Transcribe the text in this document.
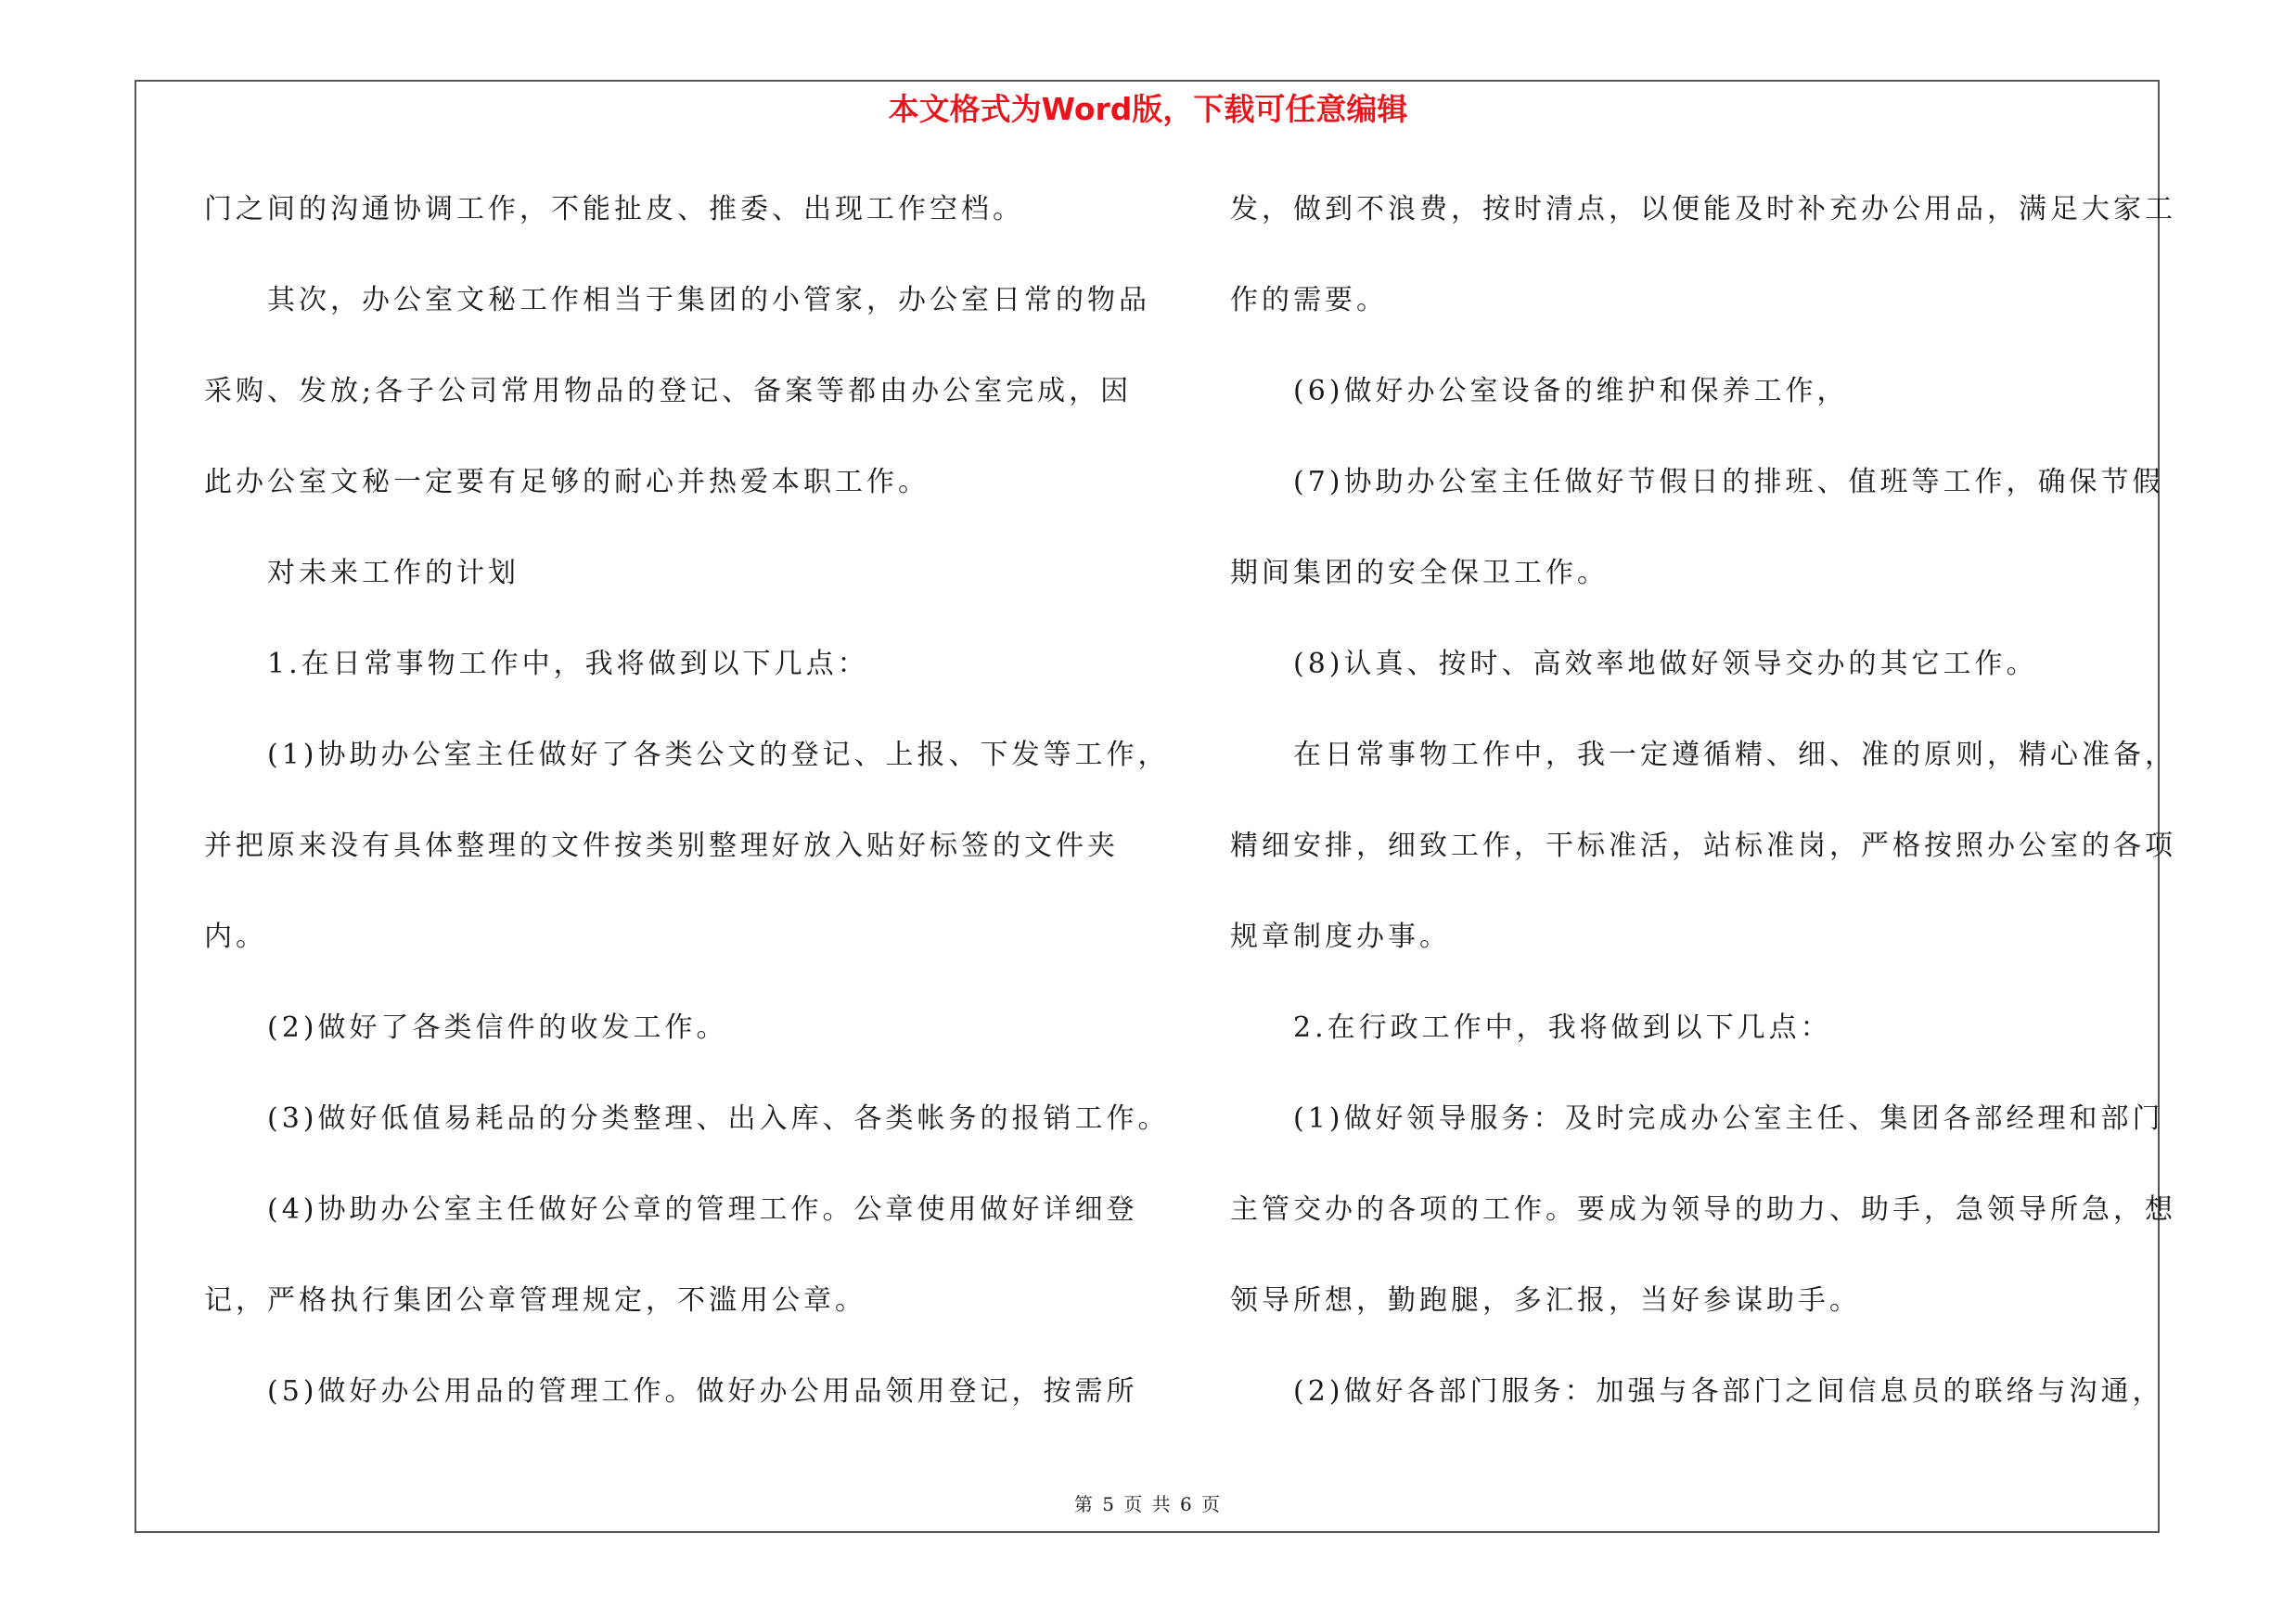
本文格式为Word版，下载可任意编辑
门之间的沟通协调工作，不能扯皮、推委、出现工作空档。
其次，办公室文秘工作相当于集团的小管家，办公室日常的物品
采购、发放;各子公司常用物品的登记、备案等都由办公室完成，因
此办公室文秘一定要有足够的耐心并热爱本职工作。
对未来工作的计划
1.在日常事物工作中，我将做到以下几点：
(1)协助办公室主任做好了各类公文的登记、上报、下发等工作，
并把原来没有具体整理的文件按类别整理好放入贴好标签的文件夹
内。
(2)做好了各类信件的收发工作。
(3)做好低值易耗品的分类整理、出入库、各类帐务的报销工作。
(4)协助办公室主任做好公章的管理工作。公章使用做好详细登
记，严格执行集团公章管理规定，不滥用公章。
(5)做好办公用品的管理工作。做好办公用品领用登记，按需所
发，做到不浪费，按时清点，以便能及时补充办公用品，满足大家工
作的需要。
(6)做好办公室设备的维护和保养工作，
(7)协助办公室主任做好节假日的排班、值班等工作，确保节假
期间集团的安全保卫工作。
(8)认真、按时、高效率地做好领导交办的其它工作。
在日常事物工作中，我一定遵循精、细、准的原则，精心准备，
精细安排，细致工作，干标准活，站标准岗，严格按照办公室的各项
规章制度办事。
2.在行政工作中，我将做到以下几点：
(1)做好领导服务：及时完成办公室主任、集团各部经理和部门
主管交办的各项的工作。要成为领导的助力、助手，急领导所急，想
领导所想，勤跑腿，多汇报，当好参谋助手。
(2)做好各部门服务：加强与各部门之间信息员的联络与沟通，
第 5 页 共 6 页
